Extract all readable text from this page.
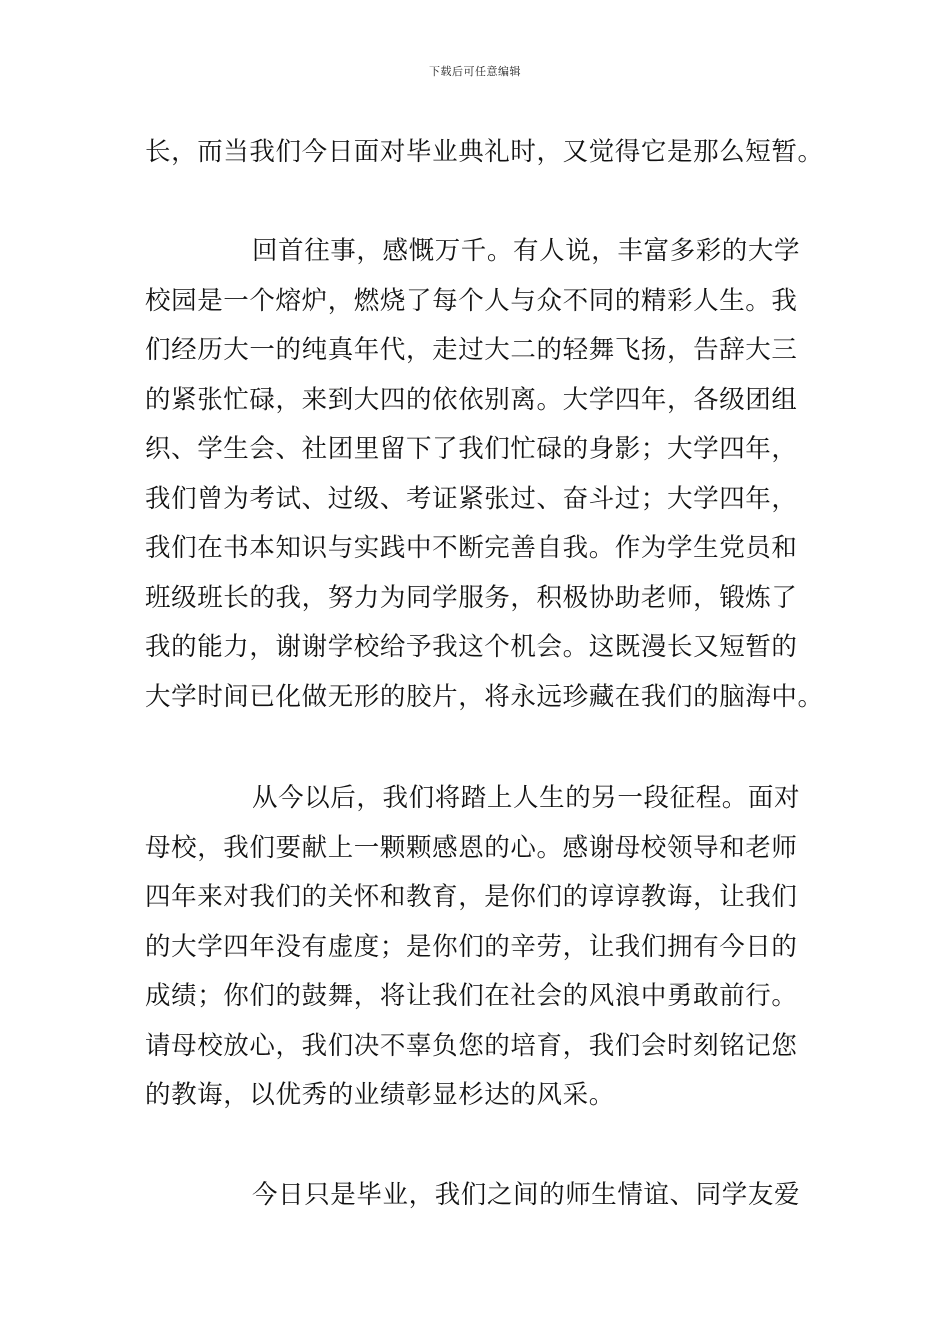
下载后可任意编辑

长，而当我们今日面对毕业典礼时，又觉得它是那么短暂。

回首往事，感慨万千。有人说，丰富多彩的大学
校园是一个熔炉，燃烧了每个人与众不同的精彩人生。我
们经历大一的纯真年代，走过大二的轻舞飞扬，告辞大三
的紧张忙碌，来到大四的依依别离。大学四年，各级团组
织、学生会、社团里留下了我们忙碌的身影；大学四年，
我们曾为考试、过级、考证紧张过、奋斗过；大学四年，
我们在书本知识与实践中不断完善自我。作为学生党员和
班级班长的我，努力为同学服务，积极协助老师，锻炼了
我的能力，谢谢学校给予我这个机会。这既漫长又短暂的
大学时间已化做无形的胶片，将永远珍藏在我们的脑海中。

从今以后，我们将踏上人生的另一段征程。面对
母校，我们要献上一颗颗感恩的心。感谢母校领导和老师
四年来对我们的关怀和教育，是你们的谆谆教诲，让我们
的大学四年没有虚度；是你们的辛劳，让我们拥有今日的
成绩；你们的鼓舞，将让我们在社会的风浪中勇敢前行。
请母校放心，我们决不辜负您的培育，我们会时刻铭记您
的教诲，以优秀的业绩彰显杉达的风采。

今日只是毕业，我们之间的师生情谊、同学友爱
